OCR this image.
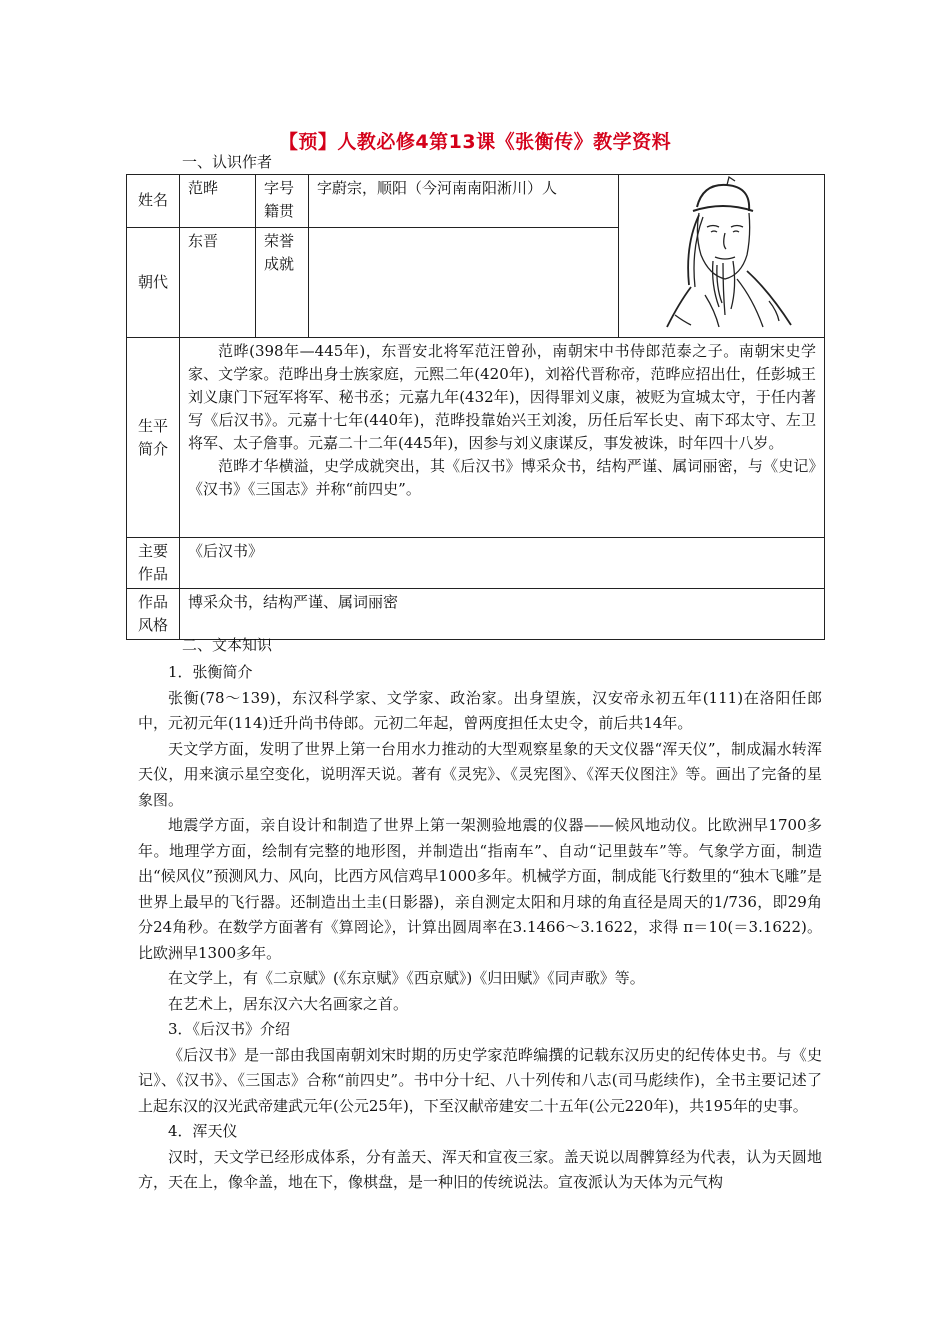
【预】人教必修4第13课《张衡传》教学资料
一、认识作者
姓名	范晔	字号籍贯	字蔚宗，顺阳（今河南南阳淅川）人	
朝代	东晋	荣誉成就		
生平简介	范晔(398年—445年)，东晋安北将军范汪曾孙，南朝宋中书侍郎范泰之子。南朝宋史学家、文学家。范晔出身士族家庭，元熙二年(420年)，刘裕代晋称帝，范晔应招出仕，任彭城王刘义康门下冠军将军、秘书丞；元嘉九年(432年)，因得罪刘义康，被贬为宣城太守，于任内著写《后汉书》。元嘉十七年(440年)，范晔投靠始兴王刘浚，历任后军长史、南下邳太守、左卫将军、太子詹事。元嘉二十二年(445年)，因参与刘义康谋反，事发被诛，时年四十八岁。

范晔才华横溢，史学成就突出，其《后汉书》博采众书，结构严谨、属词丽密，与《史记》《汉书》《三国志》并称“前四史”。			

主要作品	《后汉书》			
作品风格	博采众书，结构严谨、属词丽密			
二、文本知识

1．张衡简介

张衡(78～139)，东汉科学家、文学家、政治家。出身望族，汉安帝永初五年(111)在洛阳任郎中，元初元年(114)迁升尚书侍郎。元初二年起，曾两度担任太史令，前后共14年。

天文学方面，发明了世界上第一台用水力推动的大型观察星象的天文仪器“浑天仪”，制成漏水转浑天仪，用来演示星空变化，说明浑天说。著有《灵宪》、《灵宪图》、《浑天仪图注》等。画出了完备的星象图。

地震学方面，亲自设计和制造了世界上第一架测验地震的仪器——候风地动仪。比欧洲早1700多年。地理学方面，绘制有完整的地形图，并制造出“指南车”、自动“记里鼓车”等。气象学方面，制造出“候风仪”预测风力、风向，比西方风信鸡早1000多年。机械学方面，制成能飞行数里的“独木飞雕”是世界上最早的飞行器。还制造出土圭(日影器)，亲自测定太阳和月球的角直径是周天的1/736，即29角分24角秒。在数学方面著有《算罔论》，计算出圆周率在3.1466～3.1622，求得 π＝10(＝3.1622)。比欧洲早1300多年。

在文学上，有《二京赋》(《东京赋》《西京赋》)《归田赋》《同声歌》等。

在艺术上，居东汉六大名画家之首。

3．《后汉书》介绍

《后汉书》是一部由我国南朝刘宋时期的历史学家范晔编撰的记载东汉历史的纪传体史书。与《史记》、《汉书》、《三国志》合称“前四史”。书中分十纪、八十列传和八志(司马彪续作)，全书主要记述了上起东汉的汉光武帝建武元年(公元25年)，下至汉献帝建安二十五年(公元220年)，共195年的史事。

4．浑天仪

汉时，天文学已经形成体系，分有盖天、浑天和宣夜三家。盖天说以周髀算经为代表，认为天圆地方，天在上，像伞盖，地在下，像棋盘，是一种旧的传统说法。宣夜派认为天体为元气构
